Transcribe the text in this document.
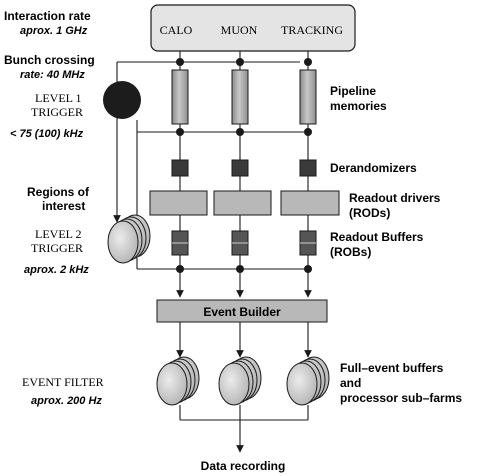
CALO MUON TRACKING
Interaction rate
aprox. 1 GHz
Bunch crossing
rate: 40 MHz
LEVEL 1
TRIGGER
< 75 (100) kHz
Regions of
interest
LEVEL 2
TRIGGER
aprox. 2 kHz
EVENT FILTER
aprox. 200 Hz
Pipeline
memories
Derandomizers
Readout drivers
(RODs)
Readout Buffers
(ROBs)
Event Builder
Full–event buffers
and
processor sub–farms
Data recording
